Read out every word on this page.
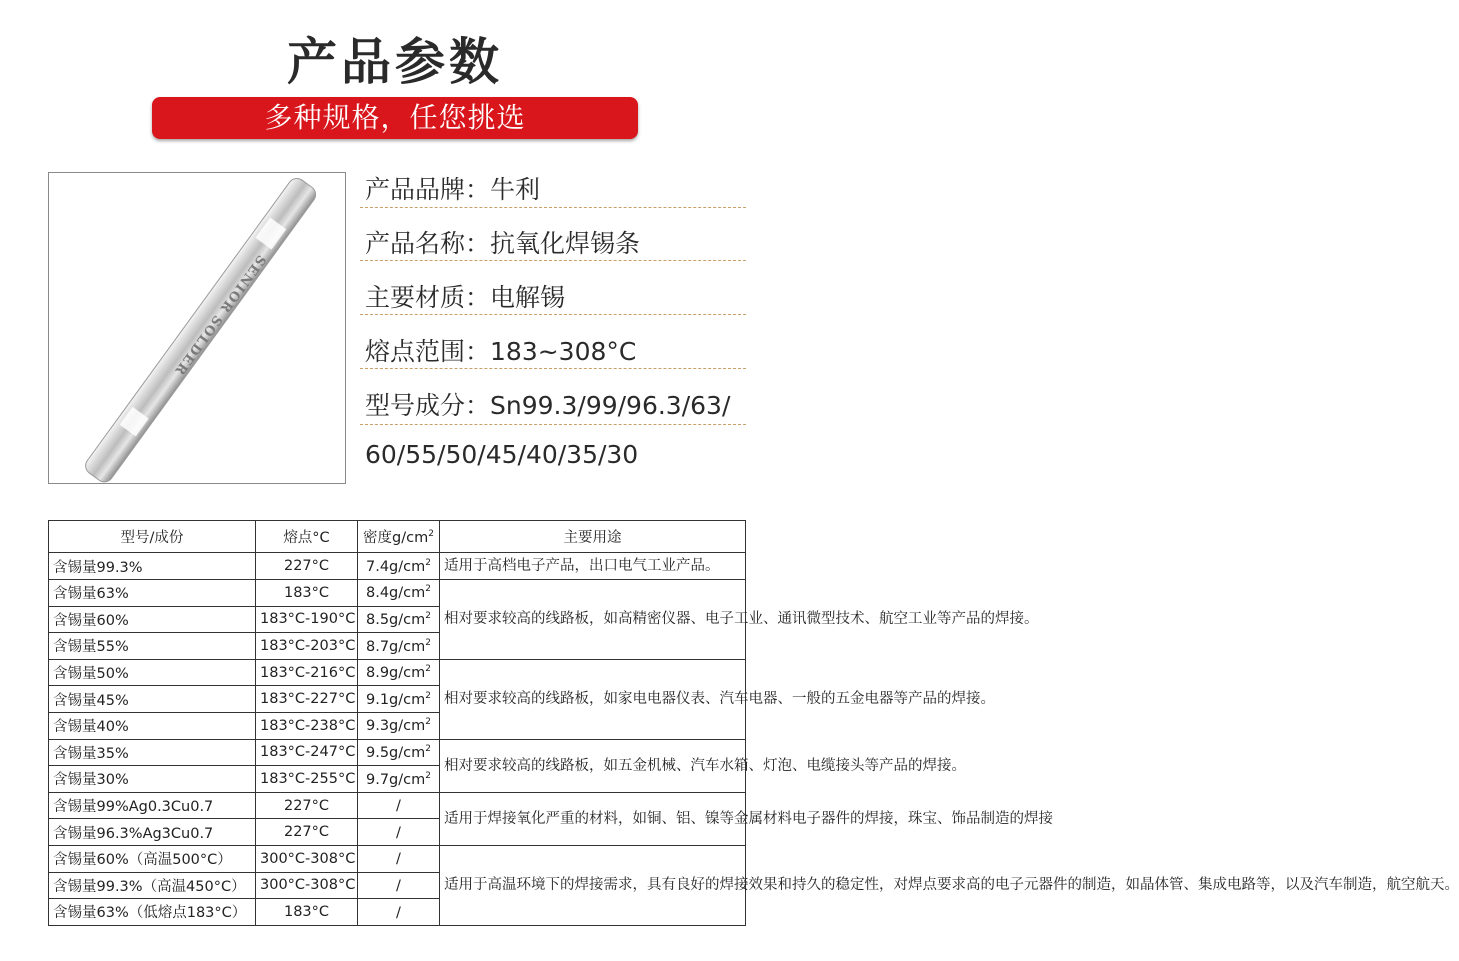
产品参数
多种规格，任您挑选
SENIOR SOLDER
产品品牌：牛利
产品名称：抗氧化焊锡条
主要材质：电解锡
熔点范围：183~308°C
型号成分：Sn99.3/99/96.3/63/
60/55/50/45/40/35/30
型号/成份	熔点°C	密度$g/cm^2$	主要用途
含锡量99.3%	227°C	$7.4g/cm^2$	适用于高档电子产品，出口电气工业产品。
含锡量63%	183°C	$8.4g/cm^2$	相对要求较高的线路板，如高精密仪器、电子工业、通讯微型技术、航空工业等产品的焊接。
含锡量60%	183°C-190°C	$8.5g/cm^2$
含锡量55%	183°C-203°C	$8.7g/cm^2$
含锡量50%	183°C-216°C	$8.9g/cm^2$	相对要求较高的线路板，如家电电器仪表、汽车电器、一般的五金电器等产品的焊接。
含锡量45%	183°C-227°C	$9.1g/cm^2$
含锡量40%	183°C-238°C	$9.3g/cm^2$
含锡量35%	183°C-247°C	$9.5g/cm^2$	相对要求较高的线路板，如五金机械、汽车水箱、灯泡、电缆接头等产品的焊接。
含锡量30%	183°C-255°C	$9.7g/cm^2$
含锡量99%Ag0.3Cu0.7	227°C	/	适用于焊接氧化严重的材料，如铜、铝、镍等金属材料电子器件的焊接，珠宝、饰品制造的焊接
含锡量96.3%Ag3Cu0.7	227°C	/	
含锡量60%（高温500°C）	300°C-308°C	/	适用于高温环境下的焊接需求，具有良好的焊接效果和持久的稳定性，对焊点要求高的电子元器件的制造，如晶体管、集成电路等，以及汽车制造，航空航天。
含锡量99.3%（高温450°C）	300°C-308°C	/	
含锡量63%（低熔点183°C）	183°C	/	
